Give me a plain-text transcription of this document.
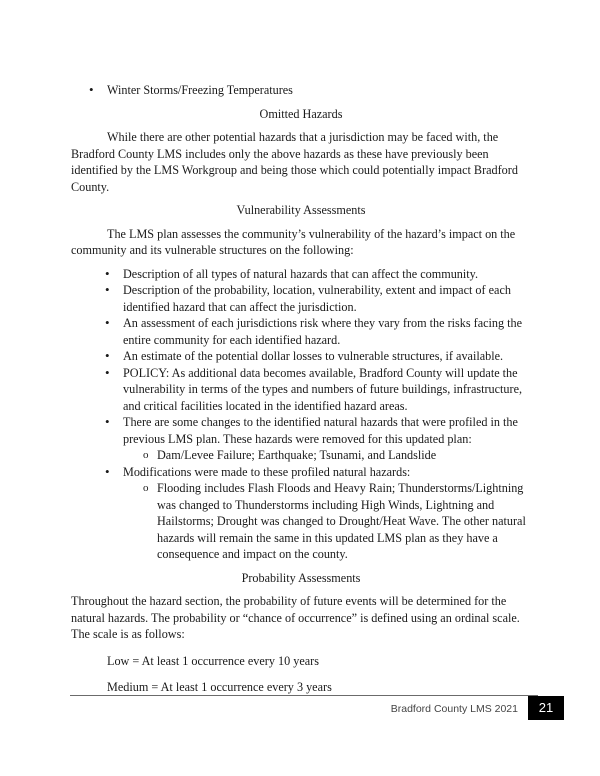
• Winter Storms/Freezing Temperatures

Omitted Hazards

While there are other potential hazards that a jurisdiction may be faced with, the Bradford County LMS includes only the above hazards as these have previously been identified by the LMS Workgroup and being those which could potentially impact Bradford County.

Vulnerability Assessments

The LMS plan assesses the community’s vulnerability of the hazard’s impact on the community and its vulnerable structures on the following:

• Description of all types of natural hazards that can affect the community.
• Description of the probability, location, vulnerability, extent and impact of each identified hazard that can affect the jurisdiction.
• An assessment of each jurisdictions risk where they vary from the risks facing the entire community for each identified hazard.
• An estimate of the potential dollar losses to vulnerable structures, if available.
• POLICY: As additional data becomes available, Bradford County will update the vulnerability in terms of the types and numbers of future buildings, infrastructure, and critical facilities located in the identified hazard areas.
• There are some changes to the identified natural hazards that were profiled in the previous LMS plan. These hazards were removed for this updated plan:
o Dam/Levee Failure; Earthquake; Tsunami, and Landslide
• Modifications were made to these profiled natural hazards:
o Flooding includes Flash Floods and Heavy Rain; Thunderstorms/Lightning was changed to Thunderstorms including High Winds, Lightning and Hailstorms; Drought was changed to Drought/Heat Wave. The other natural hazards will remain the same in this updated LMS plan as they have a consequence and impact on the county.

Probability Assessments

Throughout the hazard section, the probability of future events will be determined for the natural hazards. The probability or “chance of occurrence” is defined using an ordinal scale. The scale is as follows:

Low = At least 1 occurrence every 10 years

Medium = At least 1 occurrence every 3 years

Bradford County LMS 2021	21
